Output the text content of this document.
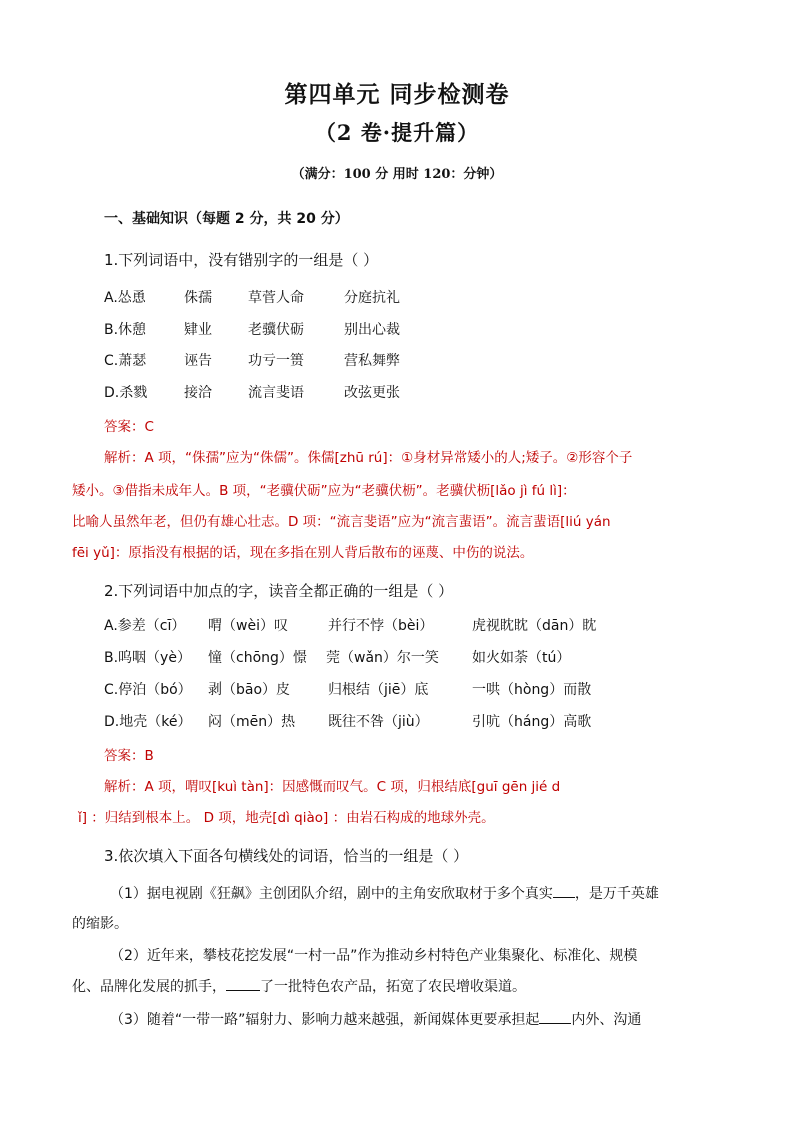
第四单元 同步检测卷
（2 卷·提升篇）
（满分：100 分 用时 120：分钟）
一、基础知识（每题 2 分，共 20 分）
1.下列词语中，没有错别字的一组是（ ）
A.怂恿	侏孺	草菅人命	分庭抗礼
B.休憩	肄业	老骥伏砺	别出心裁
C.萧瑟	诬告	功亏一篑	营私舞弊
D.杀戮	接洽	流言斐语	改弦更张
答案：C
解析：A 项，“侏孺”应为“侏儒”。侏儒[zhū rú]：①身材异常矮小的人;矮子。②形容个子
矮小。③借指未成年人。B 项，“老骥伏砺”应为“老骥伏枥”。老骥伏枥[lǎo jì fú lì]：
比喻人虽然年老，但仍有雄心壮志。D 项：“流言斐语”应为“流言蜚语”。流言蜚语[liú yán
fēi yǔ]：原指没有根据的话，现在多指在别人背后散布的诬蔑、中伤的说法。
2.下列词语中加点的字，读音全都正确的一组是（ ）
A.参差（cī） 喟（wèi）叹	并行不悖（bèi）	虎视眈眈（dān）眈
B.呜咽（yè） 憧（chōng）憬 莞（wǎn）尔一笑 如火如荼（tú）
C.停泊（bó） 剥（bāo）皮	归根结（jiē）底	一哄（hòng）而散
D.地壳（ké） 闷（mēn）热 既往不咎（jiù）	引吭（háng）高歌
答案：B
解析：A 项，喟叹[kuì tàn]：因感慨而叹气。C 项，归根结底[guī gēn jié d
ǐ] ：归结到根本上。 D 项，地壳[dì qiào] ：由岩石构成的地球外壳。
3.依次填入下面各句横线处的词语，恰当的一组是（ ）
（1）据电视剧《狂飙》主创团队介绍，剧中的主角安欣取材于多个真实 ，是万千英雄
的缩影。
（2）近年来，攀枝花挖发展“一村一品”作为推动乡村特色产业集聚化、标准化、规模
化、品牌化发展的抓手， 了一批特色农产品，拓宽了农民增收渠道。
（3）随着“一带一路”辐射力、影响力越来越强，新闻媒体更要承担起 内外、沟通
